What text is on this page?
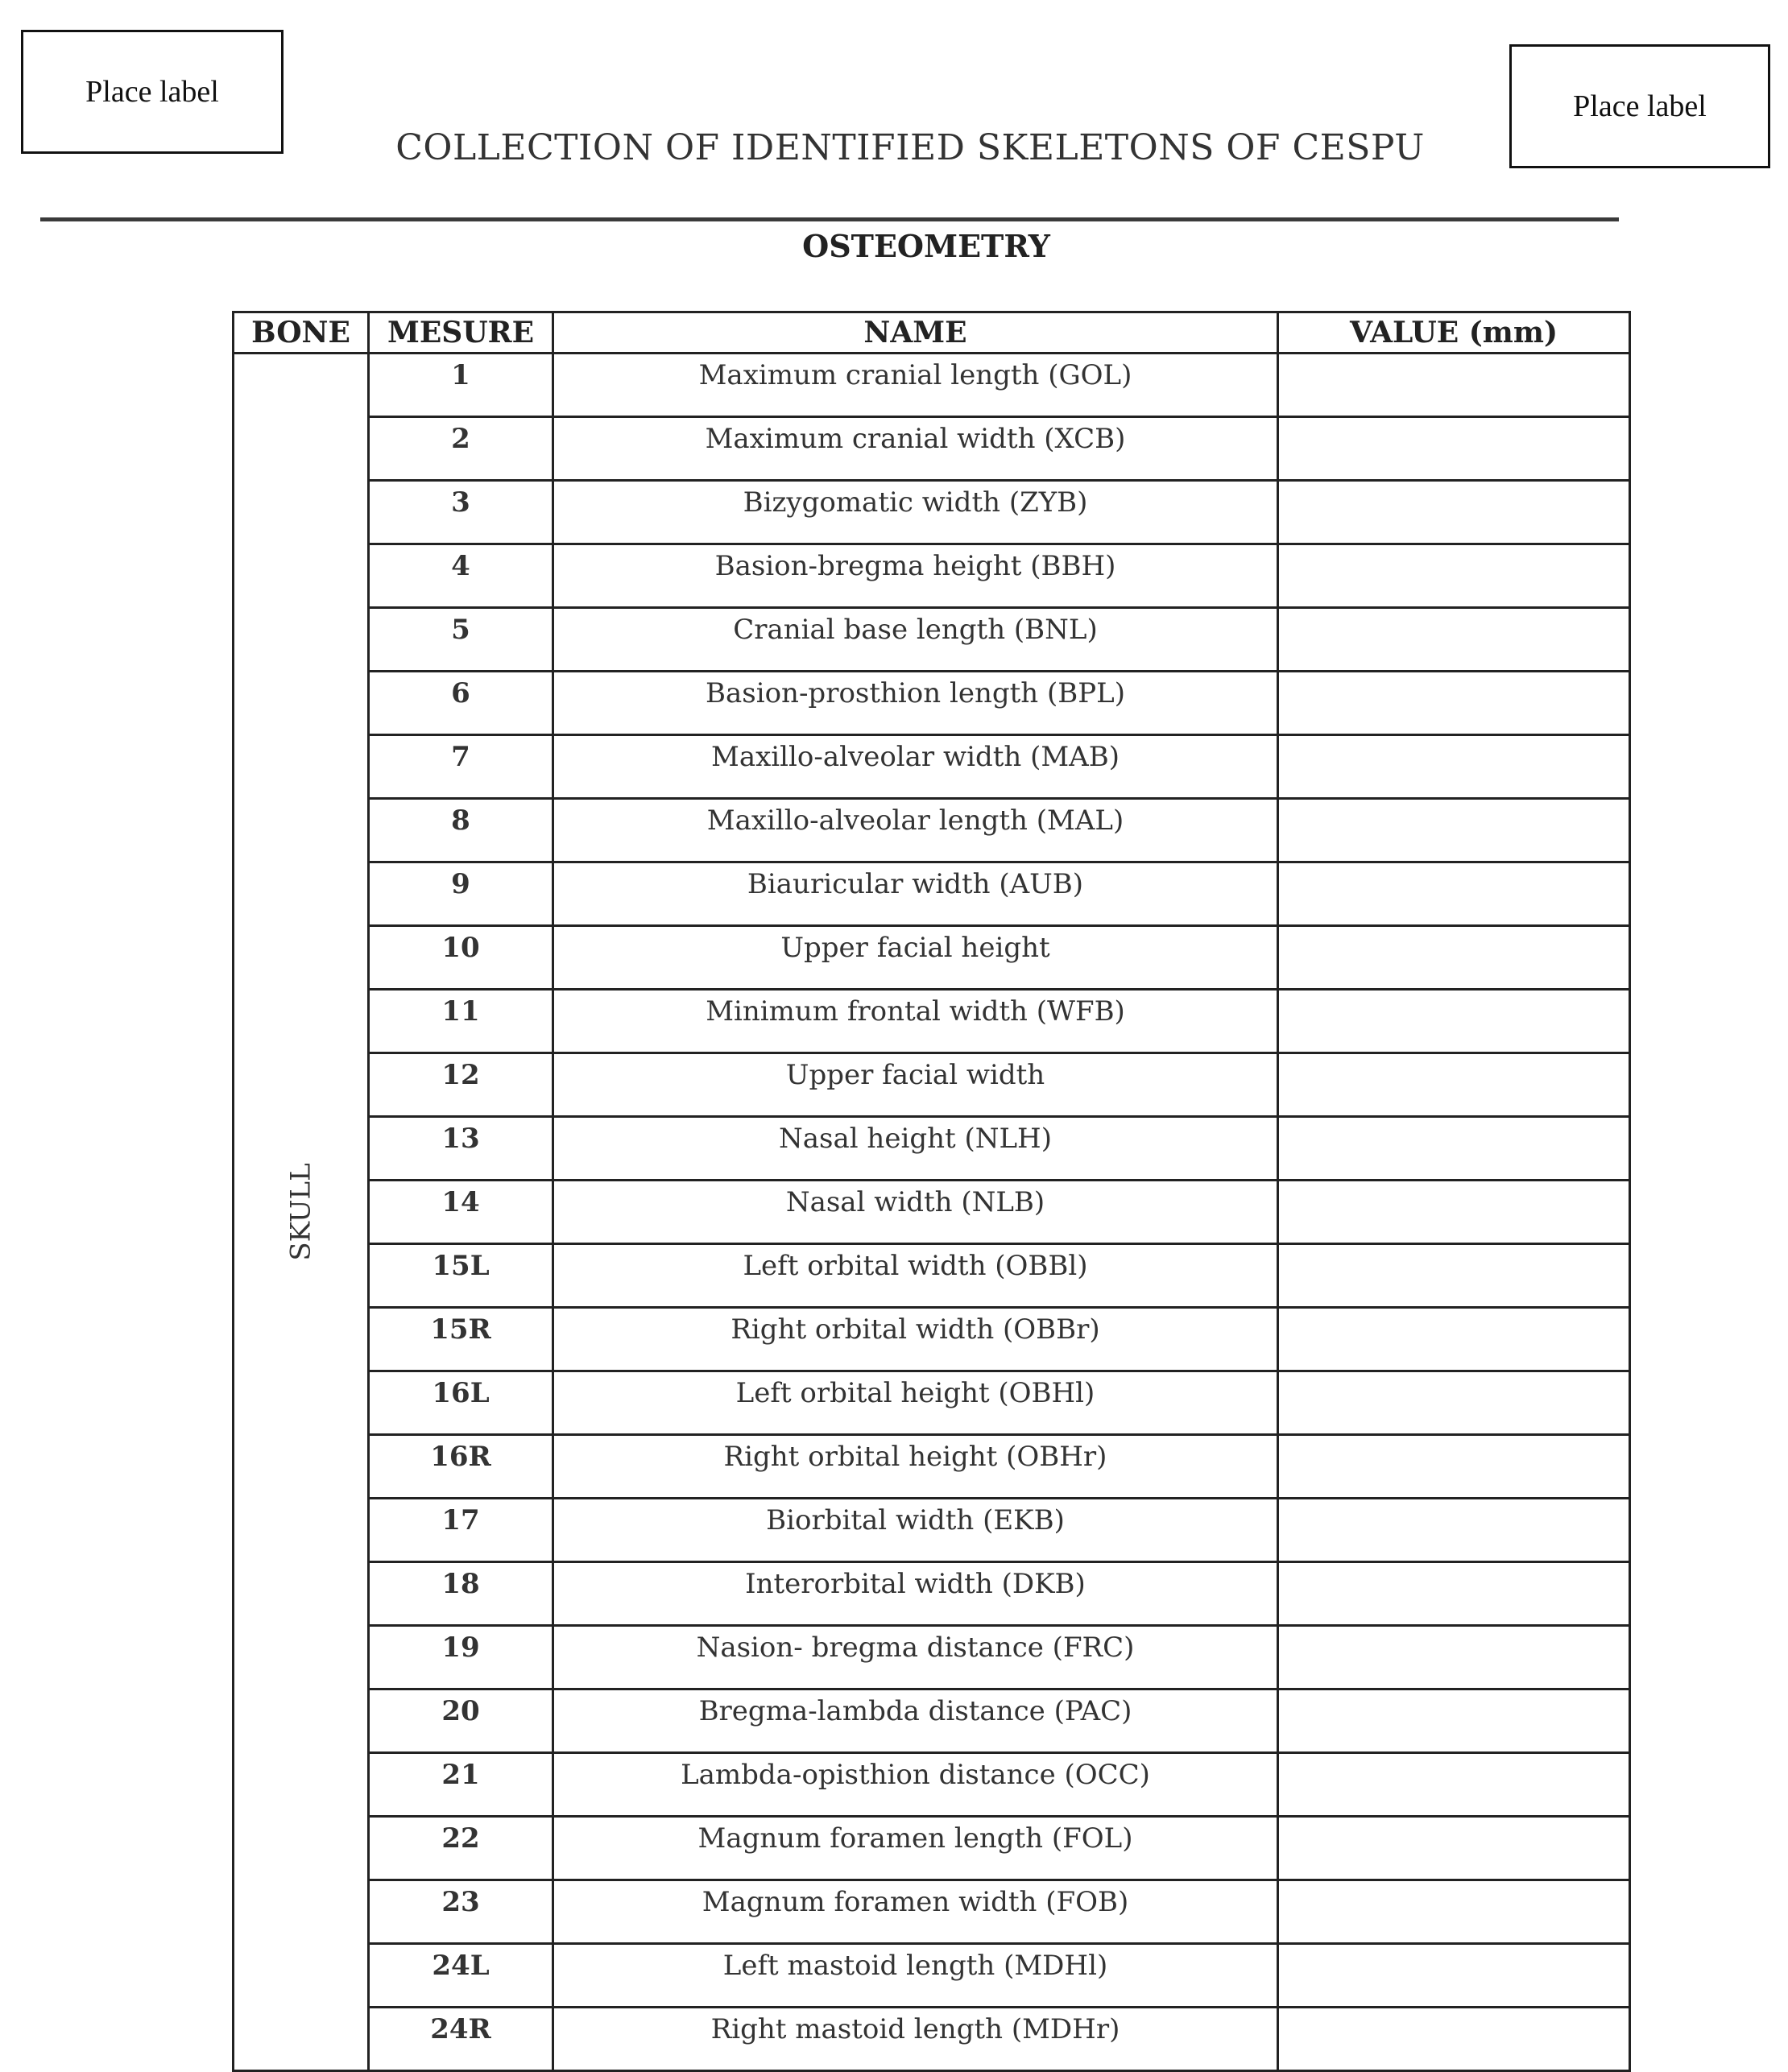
Place label	Place label
COLLECTION OF IDENTIFIED SKELETONS OF CESPU
OSTEOMETRY
BONE	MESURE	NAME	VALUE (mm)
SKULL	1	Maximum cranial length (GOL)	
	2	Maximum cranial width (XCB)	
	3	Bizygomatic width (ZYB)	
	4	Basion-bregma height (BBH)	
	5	Cranial base length (BNL)	
	6	Basion-prosthion length (BPL)	
	7	Maxillo-alveolar width (MAB)	
	8	Maxillo-alveolar length (MAL)	
	9	Biauricular width (AUB)	
	10	Upper facial height	
	11	Minimum frontal width (WFB)	
	12	Upper facial width	
	13	Nasal height (NLH)	
	14	Nasal width (NLB)	
	15L	Left orbital width (OBBl)	
	15R	Right orbital width (OBBr)	
	16L	Left orbital height (OBHl)	
	16R	Right orbital height (OBHr)	
	17	Biorbital width (EKB)	
	18	Interorbital width (DKB)	
	19	Nasion- bregma distance (FRC)	
	20	Bregma-lambda distance (PAC)	
	21	Lambda-opisthion distance (OCC)	
	22	Magnum foramen length (FOL)	
	23	Magnum foramen width (FOB)	
	24L	Left mastoid length (MDHl)	
	24R	Right mastoid length (MDHr)	
